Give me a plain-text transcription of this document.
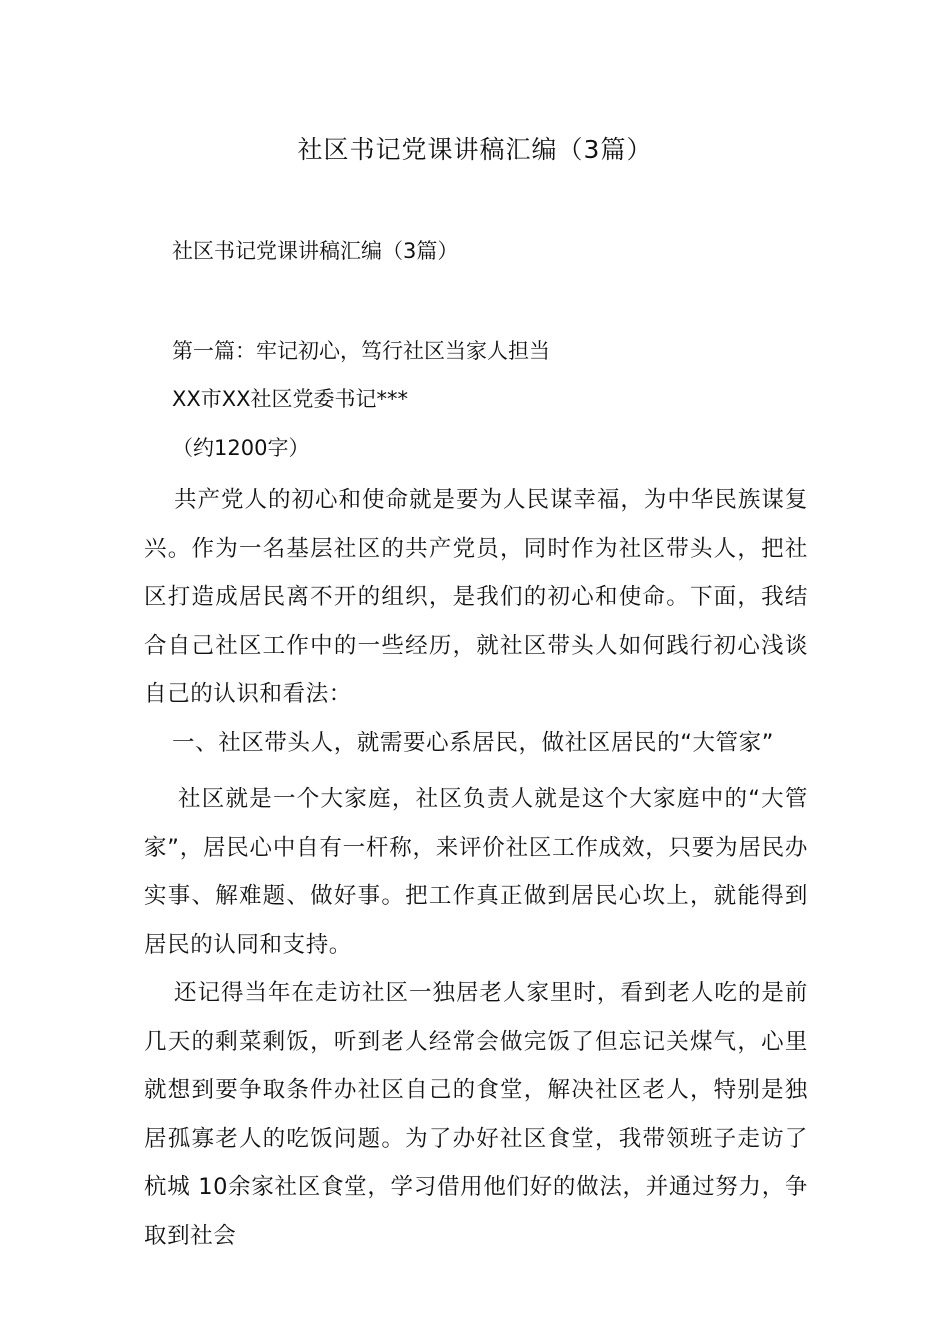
社区书记党课讲稿汇编（3篇）
社区书记党课讲稿汇编（3篇）
第一篇：牢记初心，笃行社区当家人担当
XX市XX社区党委书记***
（约1200字）
共产党人的初心和使命就是要为人民谋幸福，为中华民族谋复兴。作为一名基层社区的共产党员，同时作为社区带头人，把社区打造成居民离不开的组织，是我们的初心和使命。下面，我结合自己社区工作中的一些经历，就社区带头人如何践行初心浅谈自己的认识和看法：
一、社区带头人，就需要心系居民，做社区居民的“大管家”
社区就是一个大家庭，社区负责人就是这个大家庭中的“大管家”，居民心中自有一杆称，来评价社区工作成效，只要为居民办实事、解难题、做好事。把工作真正做到居民心坎上，就能得到居民的认同和支持。
还记得当年在走访社区一独居老人家里时，看到老人吃的是前几天的剩菜剩饭，听到老人经常会做完饭了但忘记关煤气，心里就想到要争取条件办社区自己的食堂，解决社区老人，特别是独居孤寡老人的吃饭问题。为了办好社区食堂，我带领班子走访了杭城 10余家社区食堂，学习借用他们好的做法，并通过努力，争取到社会
